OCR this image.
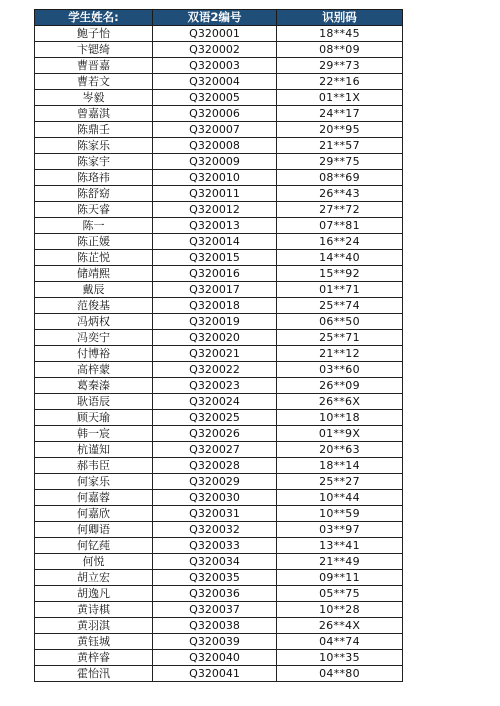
学生姓名:	双语2编号	识别码
鲍子怡	Q320001	18**45
卞锶绮	Q320002	08**09
曹晋嘉	Q320003	29**73
曹若文	Q320004	22**16
岑毅	Q320005	01**1X
曾嘉淇	Q320006	24**17
陈鼎壬	Q320007	20**95
陈家乐	Q320008	21**57
陈家宇	Q320009	29**75
陈珞祎	Q320010	08**69
陈舒窈	Q320011	26**43
陈天睿	Q320012	27**72
陈一	Q320013	07**81
陈正媛	Q320014	16**24
陈芷悦	Q320015	14**40
储靖熙	Q320016	15**92
戴辰	Q320017	01**71
范俊基	Q320018	25**74
冯炳权	Q320019	06**50
冯奕宁	Q320020	25**71
付博裕	Q320021	21**12
高梓蒙	Q320022	03**60
葛秦溱	Q320023	26**09
耿语辰	Q320024	26**6X
顾天瑜	Q320025	10**18
韩一宸	Q320026	01**9X
杭谨知	Q320027	20**63
郝韦臣	Q320028	18**14
何家乐	Q320029	25**27
何嘉蓉	Q320030	10**44
何嘉欣	Q320031	10**59
何卿语	Q320032	03**97
何钇莼	Q320033	13**41
何悦	Q320034	21**49
胡立宏	Q320035	09**11
胡逸凡	Q320036	05**75
黄诗棋	Q320037	10**28
黄羽淇	Q320038	26**4X
黄钰城	Q320039	04**74
黄梓睿	Q320040	10**35
霍怡汛	Q320041	04**80
